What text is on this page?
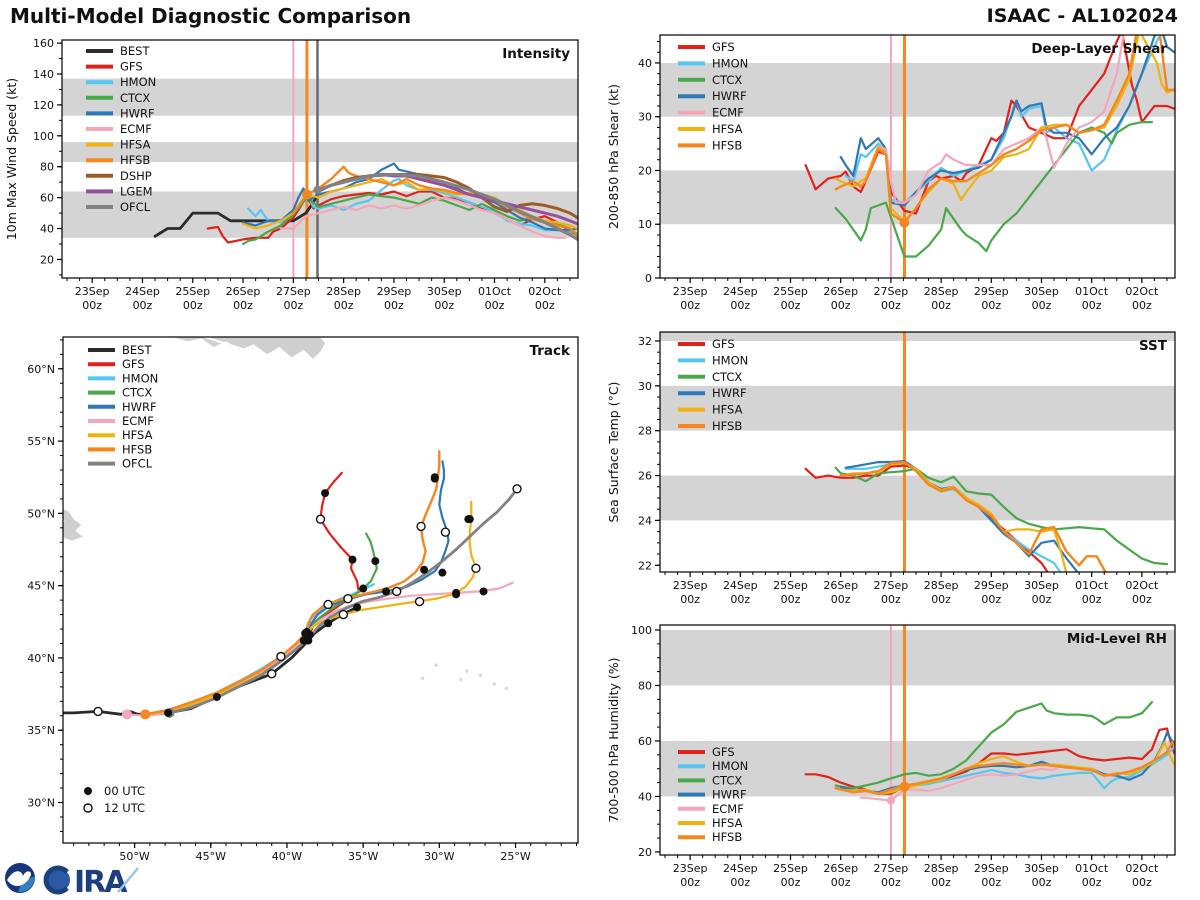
Multi-Model Diagnostic Comparison	ISAAC - AL102024
23Sep
00z
24Sep
00z
25Sep
00z
26Sep
00z
27Sep
00z
28Sep
00z
29Sep
00z
30Sep
00z
01Oct
00z
02Oct
00z
20
40
60
80
100
120
140
160
10m Max Wind Speed (kt)
Intensity
BEST
GFS
HMON
CTCX
HWRF
ECMF
HFSA
HFSB
DSHP
LGEM
OFCL
23Sep
00z
24Sep
00z
25Sep
00z
26Sep
00z
27Sep
00z
28Sep
00z
29Sep
00z
30Sep
00z
01Oct
00z
02Oct
00z
0
10
20
30
40
200-850 hPa Shear (kt)
Deep-Layer Shear
GFS
HMON
CTCX
HWRF
ECMF
HFSA
HFSB
23Sep
00z
24Sep
00z
25Sep
00z
26Sep
00z
27Sep
00z
28Sep
00z
29Sep
00z
30Sep
00z
01Oct
00z
02Oct
00z
22
24
26
28
30
32
Sea Surface Temp (°C)
SST
GFS
HMON
CTCX
HWRF
HFSA
HFSB
23Sep
00z
24Sep
00z
25Sep
00z
26Sep
00z
27Sep
00z
28Sep
00z
29Sep
00z
30Sep
00z
01Oct
00z
02Oct
00z
20
40
60
80
100
700-500 hPa Humidity (%)
Mid-Level RH
GFS
HMON
CTCX
HWRF
ECMF
HFSA
HFSB
50°W	45°W	40°W	35°W	30°W	25°W
30°N
35°N
40°N
45°N
50°N
55°N
60°N
Track
BEST
GFS
HMON
CTCX
HWRF
ECMF
HFSA
HFSB
OFCL
00 UTC
12 UTC
IRA
